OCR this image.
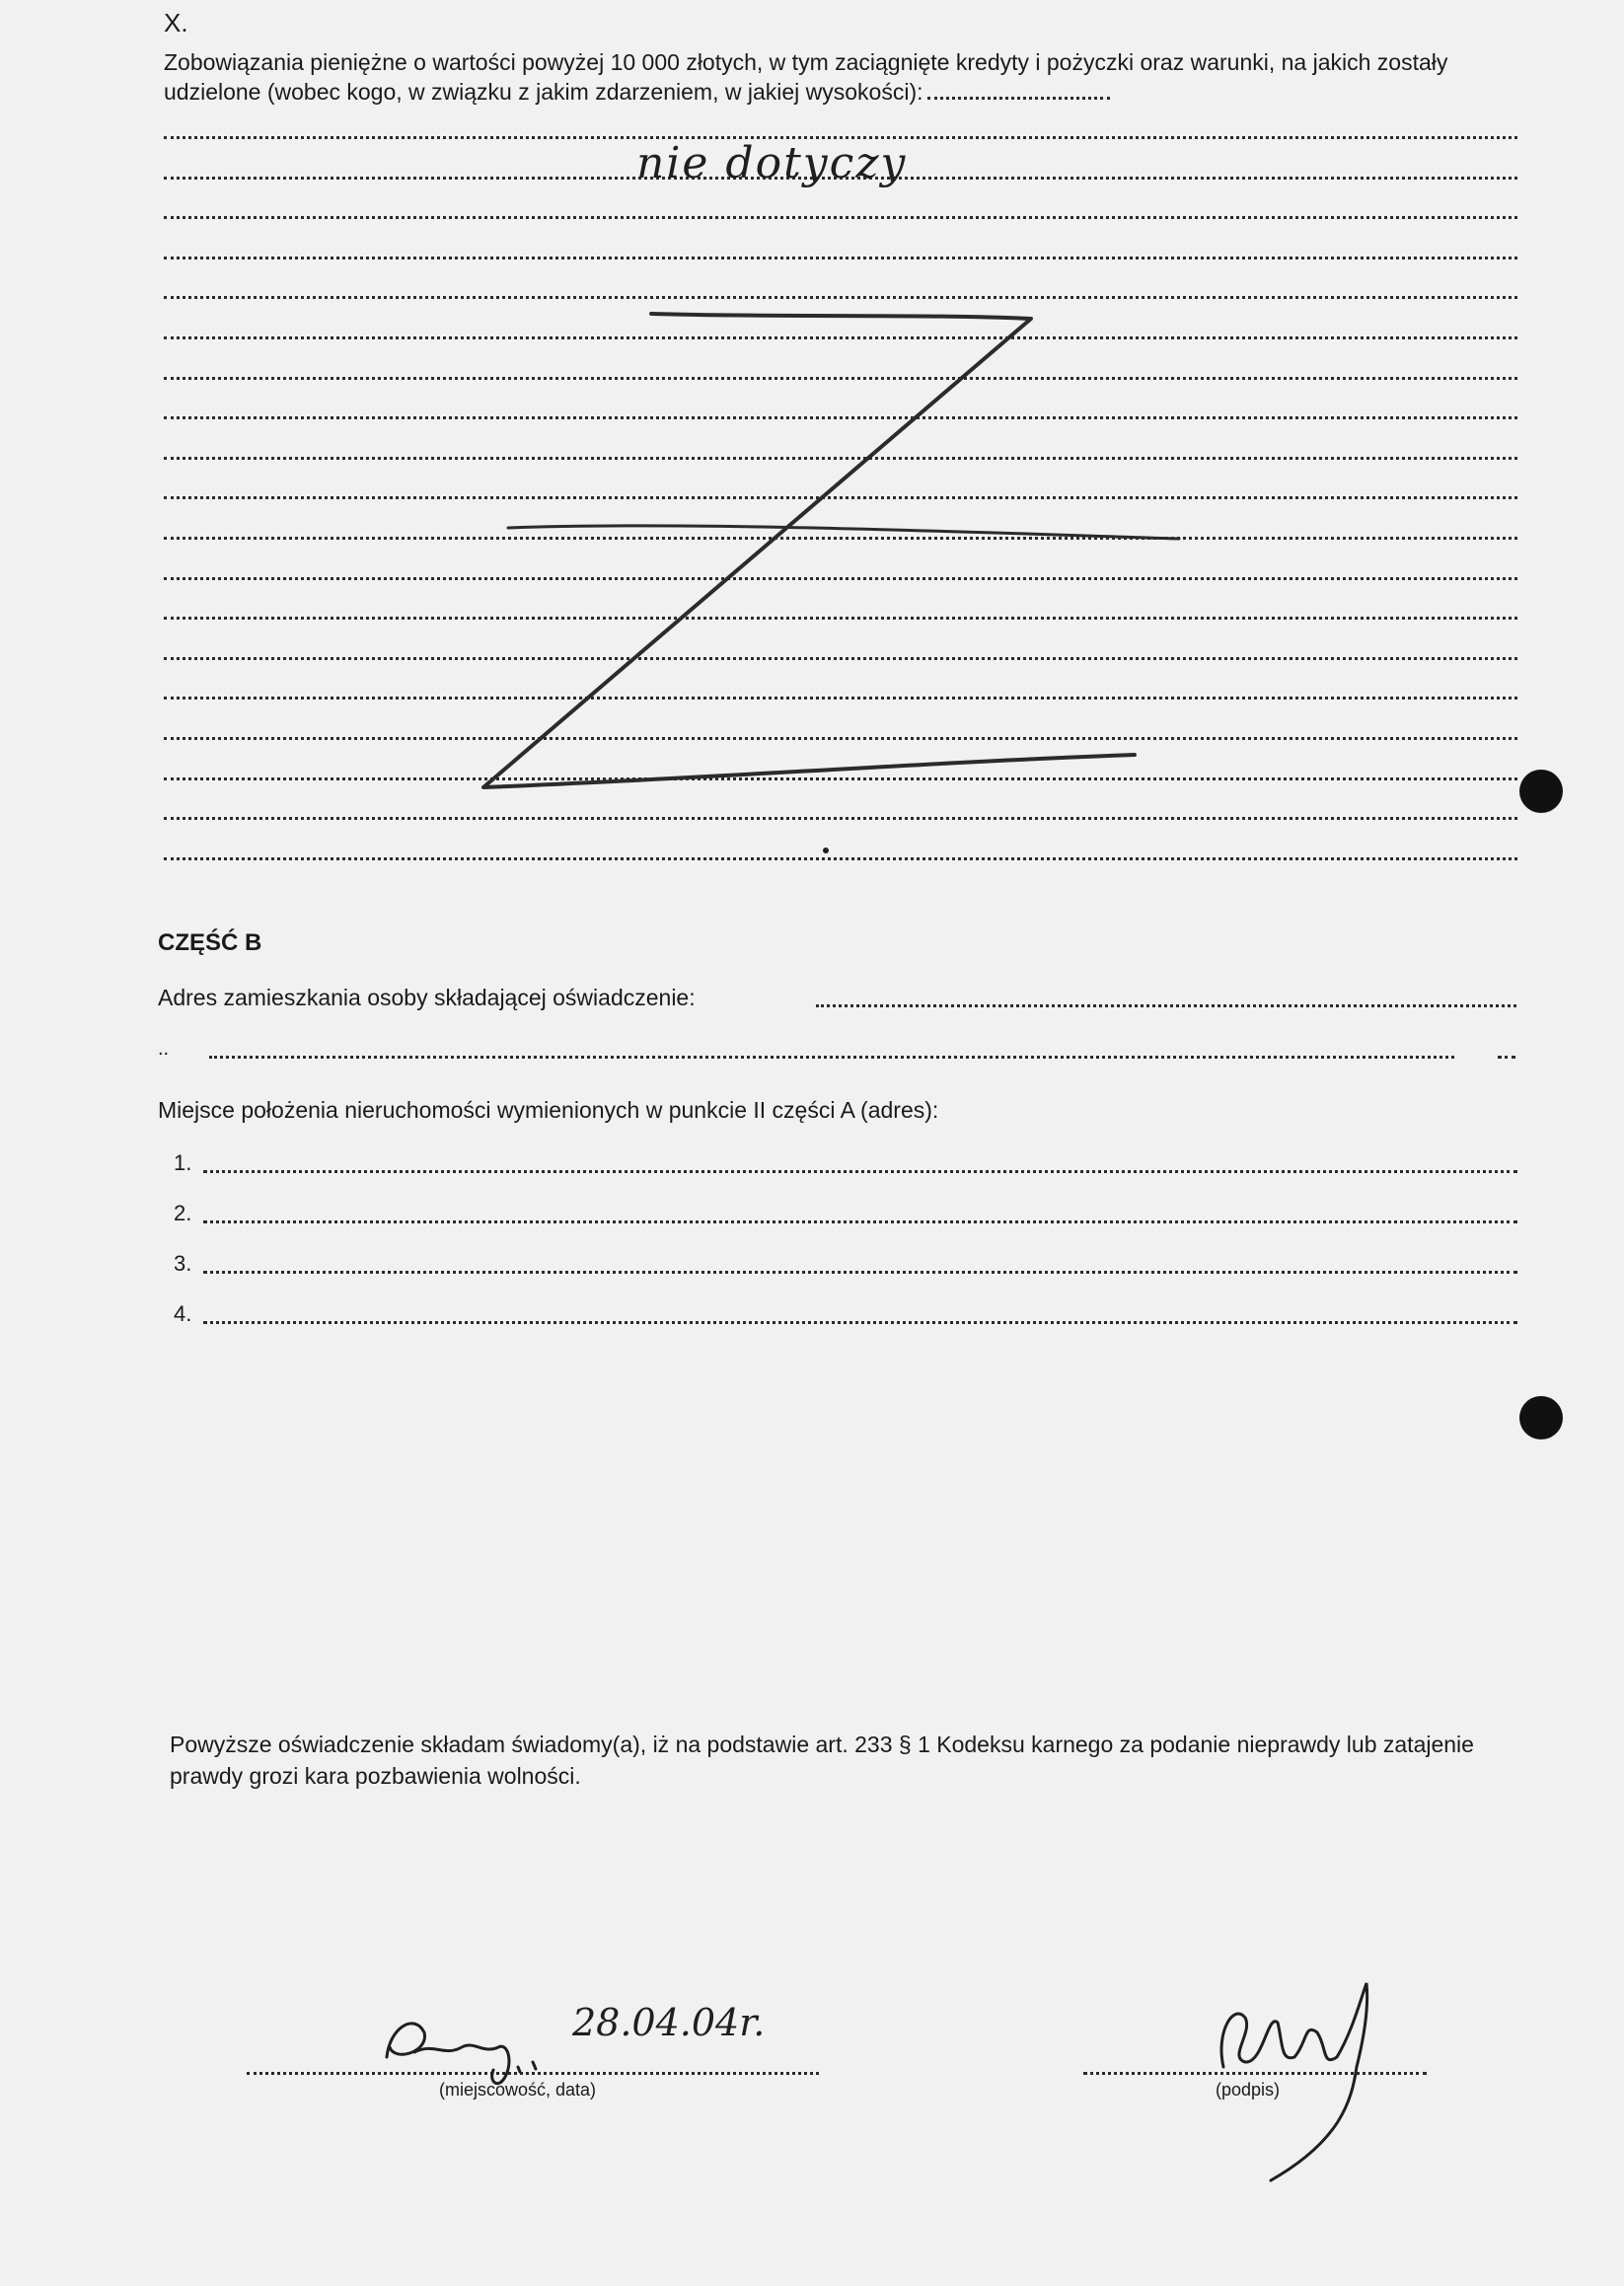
X.
Zobowiązania pieniężne o wartości powyżej 10 000 złotych, w tym zaciągnięte kredyty i pożyczki oraz warunki, na jakich zostały udzielone (wobec kogo, w związku z jakim zdarzeniem, w jakiej wysokości):
nie dotyczy
CZĘŚĆ B
Adres zamieszkania osoby składającej oświadczenie:
..
Miejsce położenia nieruchomości wymienionych w punkcie II części A (adres):
1.
2.
3.
4.
Powyższe oświadczenie składam świadomy(a), iż na podstawie art. 233 § 1 Kodeksu karnego za podanie nieprawdy lub zatajenie prawdy grozi kara pozbawienia wolności.
28.04.04r.
(miejscowość, data)	(podpis)
